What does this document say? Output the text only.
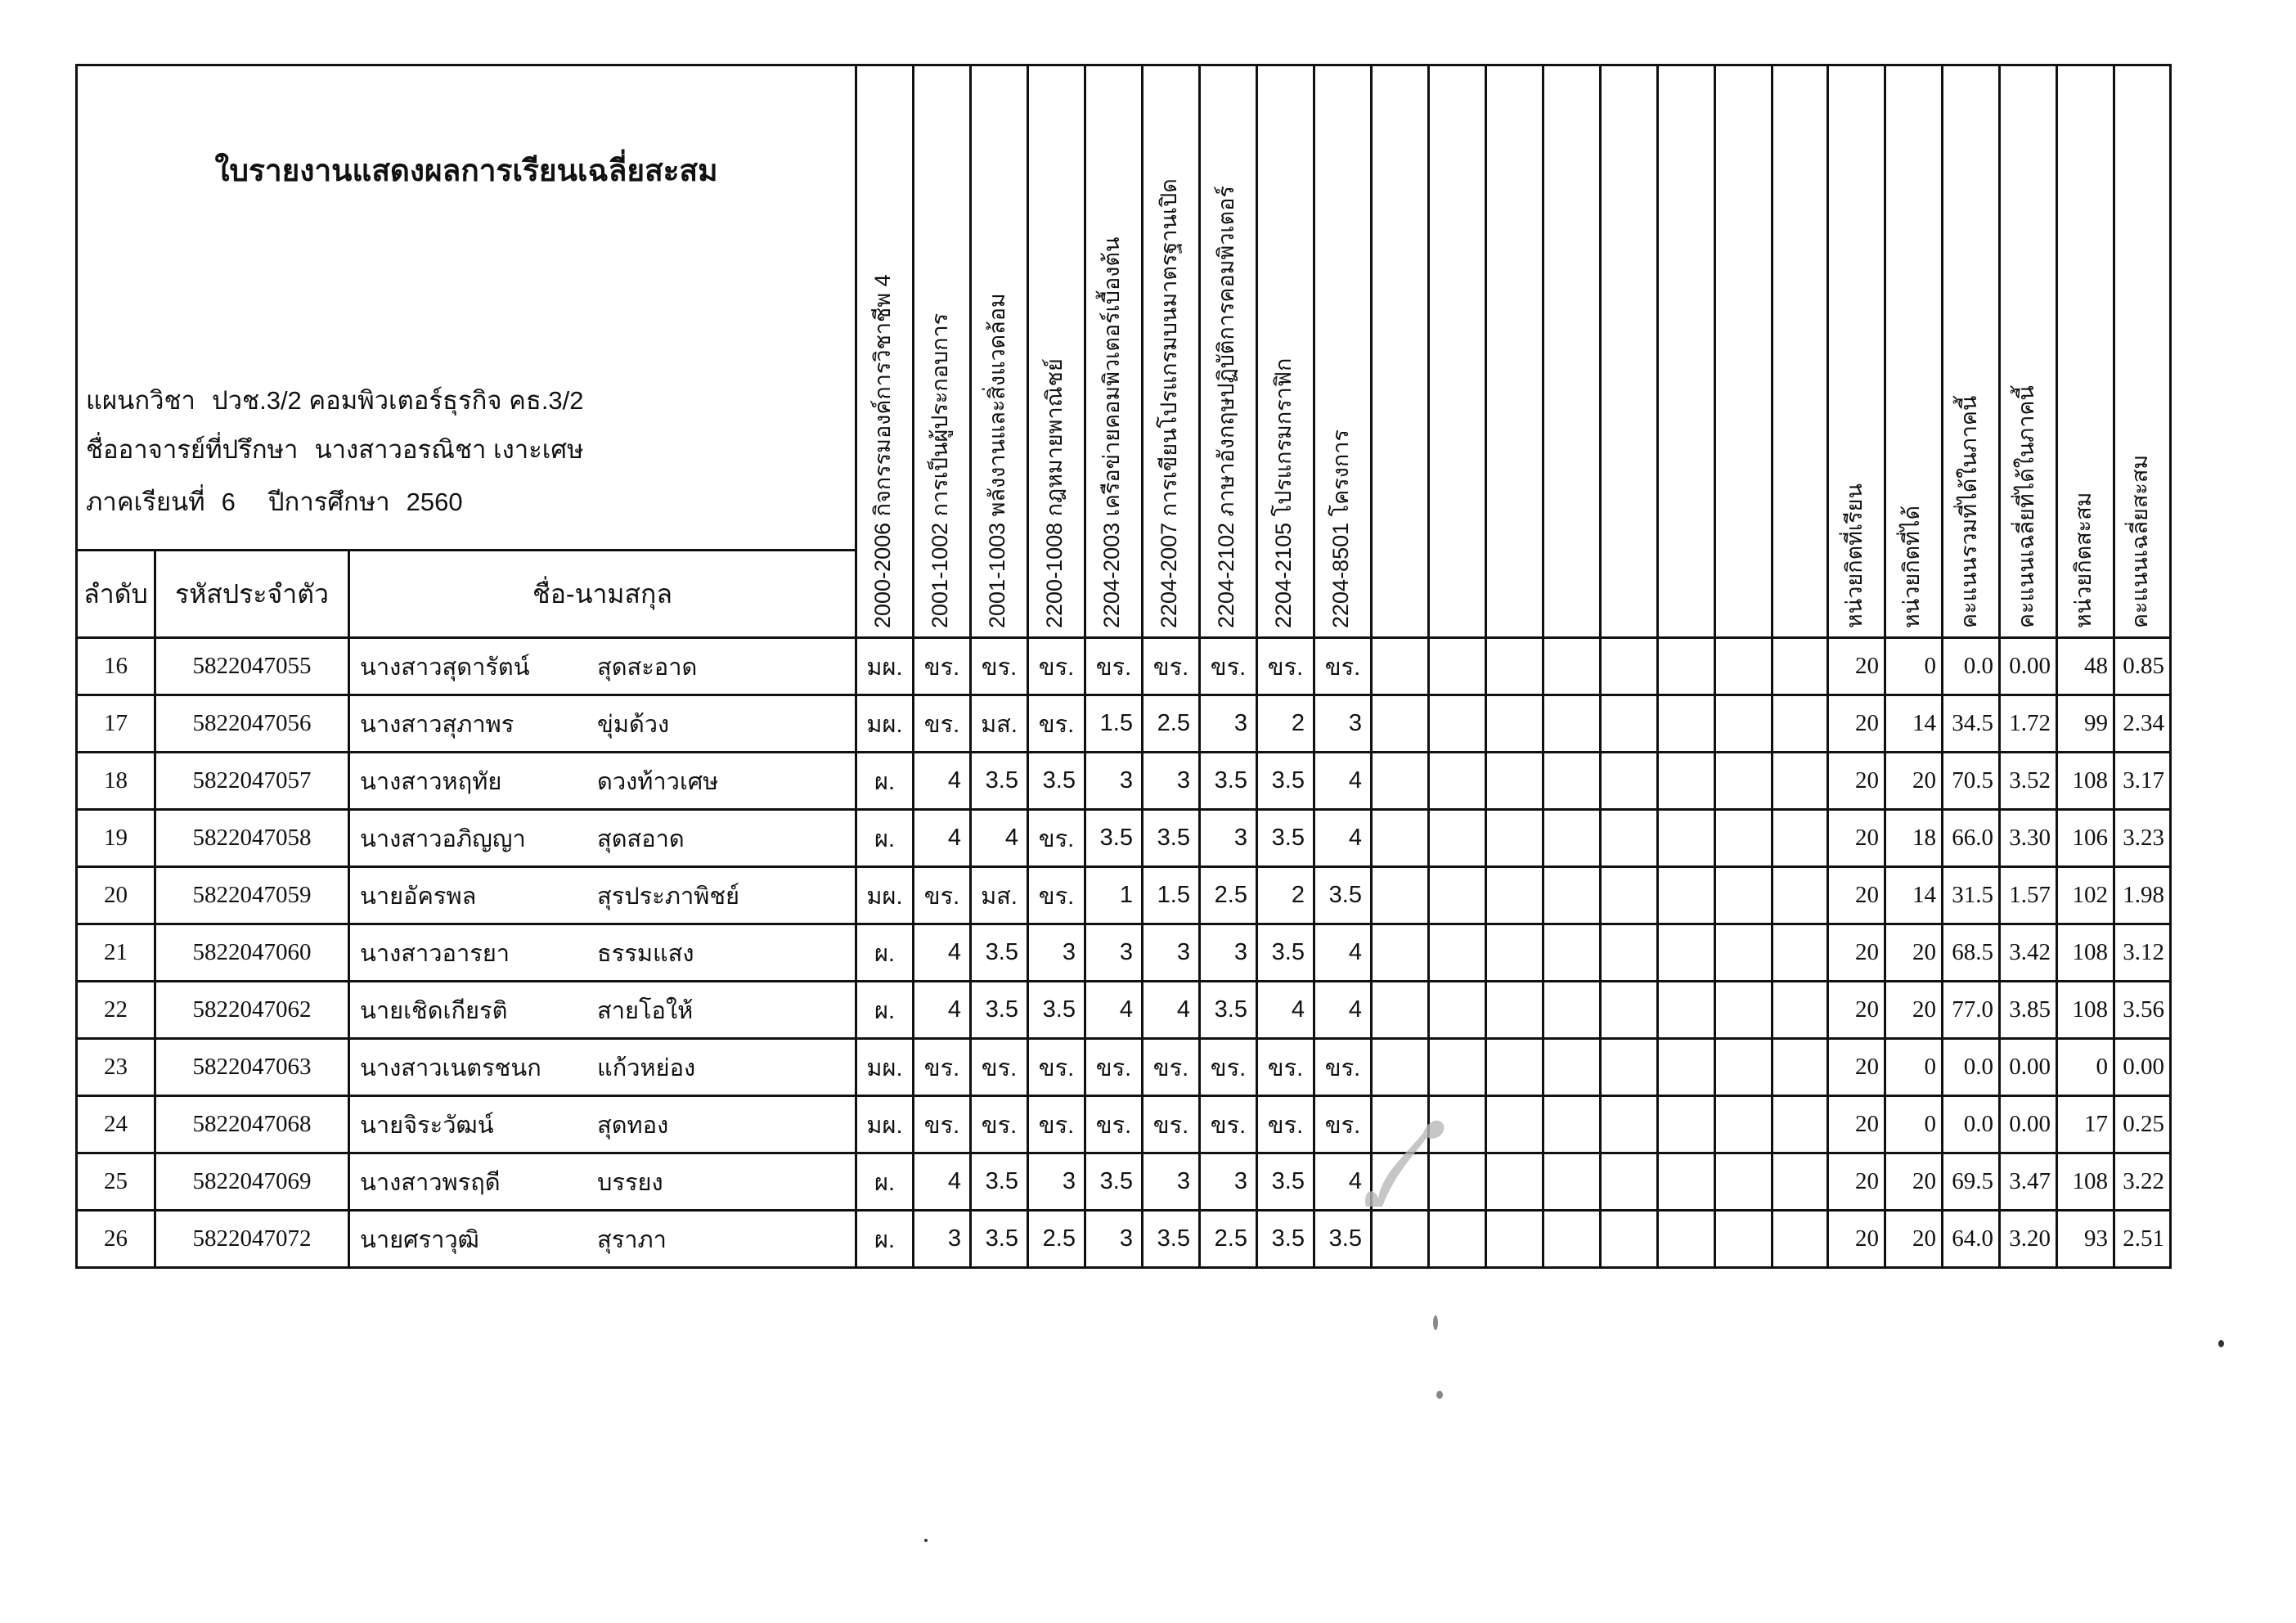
ใบรายงานแสดงผลการเรียนเฉลี่ยสะสม
แผนกวิชา ปวช.3/2 คอมพิวเตอร์ธุรกิจ คธ.3/2
ชื่ออาจารย์ที่ปรึกษา นางสาวอรณิชา เงาะเศษ
ภาคเรียนที่ 6 ปีการศึกษา 2560			2000-2006 กิจกรรมองค์การวิชาชีพ 4	2001-1002 การเป็นผู้ประกอบการ	2001-1003 พลังงานและสิ่งแวดล้อม	2200-1008 กฎหมายพาณิชย์	2204-2003 เครือข่ายคอมพิวเตอร์เบื้องต้น	2204-2007 การเขียนโปรแกรมบนมาตรฐานเปิด	2204-2102 ภาษาอังกฤษปฏิบัติการคอมพิวเตอร์	2204-2105 โปรแกรมกราฟิก	2204-8501 โครงการ									หน่วยกิตที่เรียน	หน่วยกิตที่ได้	คะแนนรวมที่ได้ในภาคนี้	คะแนนเฉลี่ยที่ได้ในภาคนี้	หน่วยกิตสะสม	คะแนนเฉลี่ยสะสม

ลำดับ	รหัสประจำตัว	ชื่อ-นามสกุล																							
16	5822047055	นางสาวสุดารัตน์ สุดสะอาด	มผ.	ขร.	ขร.	ขร.	ขร.	ขร.	ขร.	ขร.	ขร.									20	0	0.0	0.00	48	0.85
17	5822047056	นางสาวสุภาพร ขุ่มด้วง	มผ.	ขร.	มส.	ขร.	1.5	2.5	3	2	3									20	14	34.5	1.72	99	2.34
18	5822047057	นางสาวหฤทัย ดวงท้าวเศษ	ผ.	4	3.5	3.5	3	3	3.5	3.5	4									20	20	70.5	3.52	108	3.17
19	5822047058	นางสาวอภิญญา สุดสอาด	ผ.	4	4	ขร.	3.5	3.5	3	3.5	4									20	18	66.0	3.30	106	3.23
20	5822047059	นายอัครพล สุรประภาพิชย์	มผ.	ขร.	มส.	ขร.	1	1.5	2.5	2	3.5									20	14	31.5	1.57	102	1.98
21	5822047060	นางสาวอารยา ธรรมแสง	ผ.	4	3.5	3	3	3	3	3.5	4									20	20	68.5	3.42	108	3.12
22	5822047062	นายเชิดเกียรติ สายโอให้	ผ.	4	3.5	3.5	4	4	3.5	4	4									20	20	77.0	3.85	108	3.56
23	5822047063	นางสาวเนตรชนก แก้วหย่อง	มผ.	ขร.	ขร.	ขร.	ขร.	ขร.	ขร.	ขร.	ขร.									20	0	0.0	0.00	0	0.00
24	5822047068	นายจิระวัฒน์ สุดทอง	มผ.	ขร.	ขร.	ขร.	ขร.	ขร.	ขร.	ขร.	ขร.									20	0	0.0	0.00	17	0.25
25	5822047069	นางสาวพรฤดี บรรยง	ผ.	4	3.5	3	3.5	3	3	3.5	4									20	20	69.5	3.47	108	3.22
26	5822047072	นายศราวุฒิ สุราภา	ผ.	3	3.5	2.5	3	3.5	2.5	3.5	3.5									20	20	64.0	3.20	93	2.51
